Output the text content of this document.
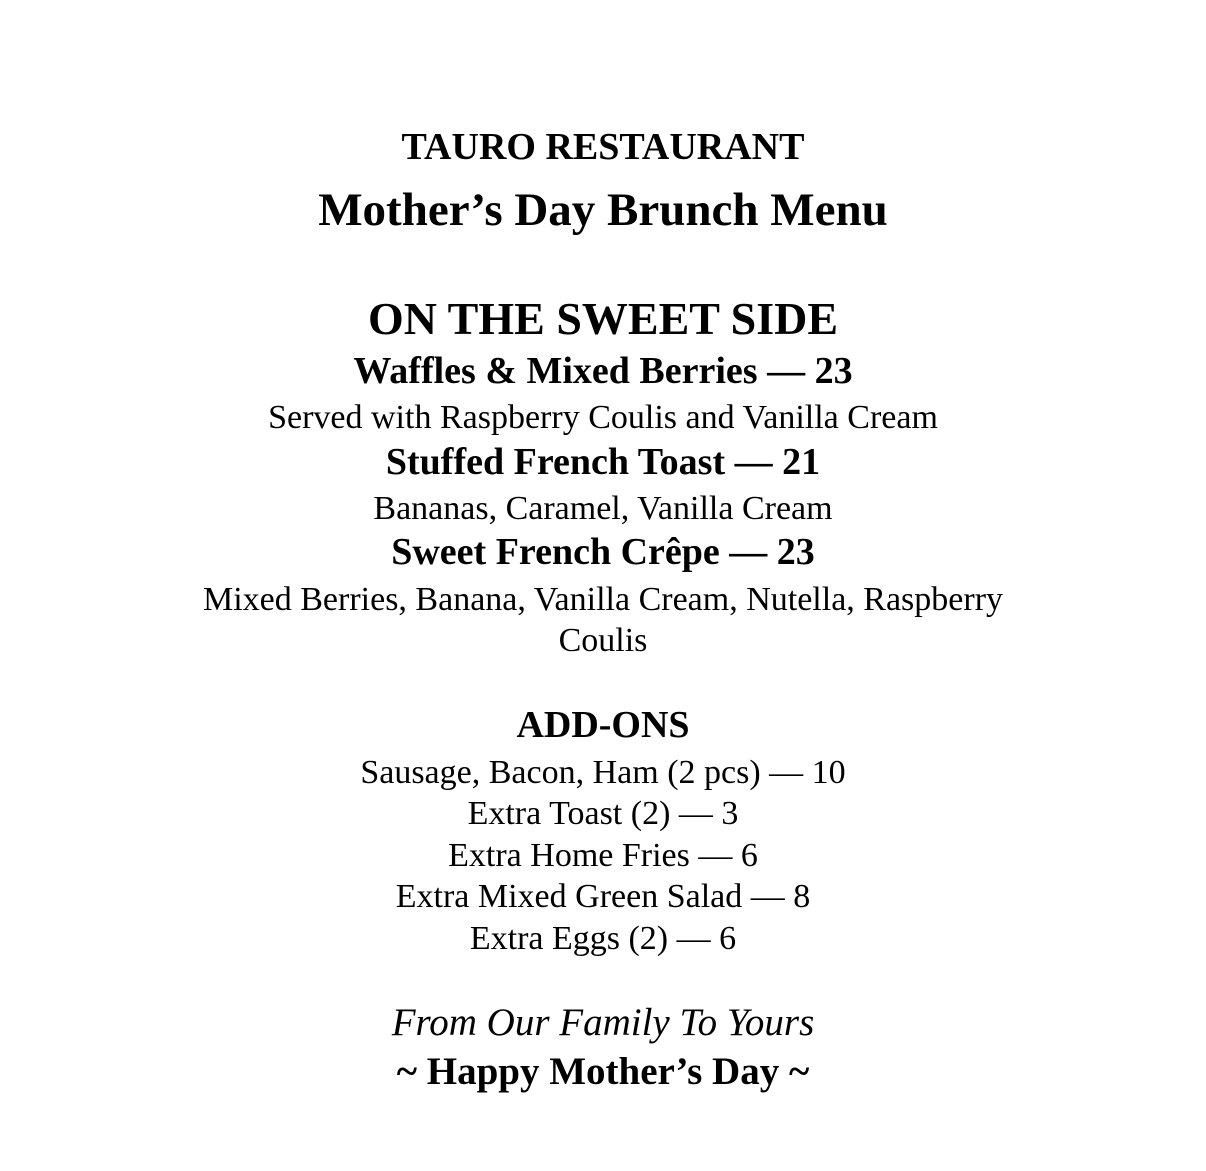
TAURO RESTAURANT
Mother’s Day Brunch Menu
ON THE SWEET SIDE
Waffles & Mixed Berries — 23
Served with Raspberry Coulis and Vanilla Cream
Stuffed French Toast — 21
Bananas, Caramel, Vanilla Cream
Sweet French Crêpe — 23
Mixed Berries, Banana, Vanilla Cream, Nutella, Raspberry
Coulis
ADD-ONS
Sausage, Bacon, Ham (2 pcs) — 10
Extra Toast (2) — 3
Extra Home Fries — 6
Extra Mixed Green Salad — 8
Extra Eggs (2) — 6
From Our Family To Yours
~ Happy Mother’s Day ~
